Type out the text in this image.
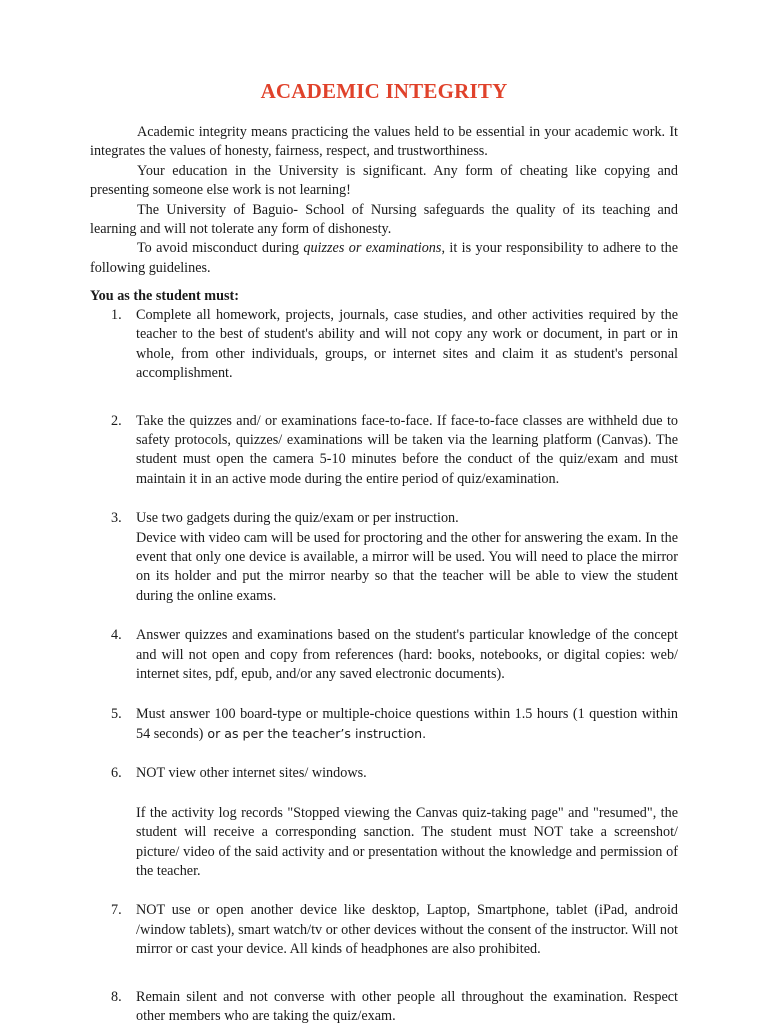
ACADEMIC INTEGRITY

Academic integrity means practicing the values held to be essential in your academic work. It integrates the values of honesty, fairness, respect, and trustworthiness.

Your education in the University is significant. Any form of cheating like copying and presenting someone else work is not learning!

The University of Baguio- School of Nursing safeguards the quality of its teaching and learning and will not tolerate any form of dishonesty.

To avoid misconduct during quizzes or examinations, it is your responsibility to adhere to the following guidelines.

You as the student must:

1. Complete all homework, projects, journals, case studies, and other activities required by the teacher to the best of student's ability and will not copy any work or document, in part or in whole, from other individuals, groups, or internet sites and claim it as student's personal accomplishment.

2. Take the quizzes and/ or examinations face-to-face. If face-to-face classes are withheld due to safety protocols, quizzes/ examinations will be taken via the learning platform (Canvas). The student must open the camera 5-10 minutes before the conduct of the quiz/exam and must maintain it in an active mode during the entire period of quiz/examination.

3. Use two gadgets during the quiz/exam or per instruction.

Device with video cam will be used for proctoring and the other for answering the exam. In the event that only one device is available, a mirror will be used. You will need to place the mirror on its holder and put the mirror nearby so that the teacher will be able to view the student during the online exams.

4. Answer quizzes and examinations based on the student's particular knowledge of the concept and will not open and copy from references (hard: books, notebooks, or digital copies: web/ internet sites, pdf, epub, and/or any saved electronic documents).

5. Must answer 100 board-type or multiple-choice questions within 1.5 hours (1 question within 54 seconds) or as per the teacher’s instruction.

6. NOT view other internet sites/ windows.

If the activity log records "Stopped viewing the Canvas quiz-taking page" and "resumed", the student will receive a corresponding sanction. The student must NOT take a screenshot/ picture/ video of the said activity and or presentation without the knowledge and permission of the teacher.

7. NOT use or open another device like desktop, Laptop, Smartphone, tablet (iPad, android /window tablets), smart watch/tv or other devices without the consent of the instructor. Will not mirror or cast your device. All kinds of headphones are also prohibited.

8. Remain silent and not converse with other people all throughout the examination. Respect other members who are taking the quiz/exam.
